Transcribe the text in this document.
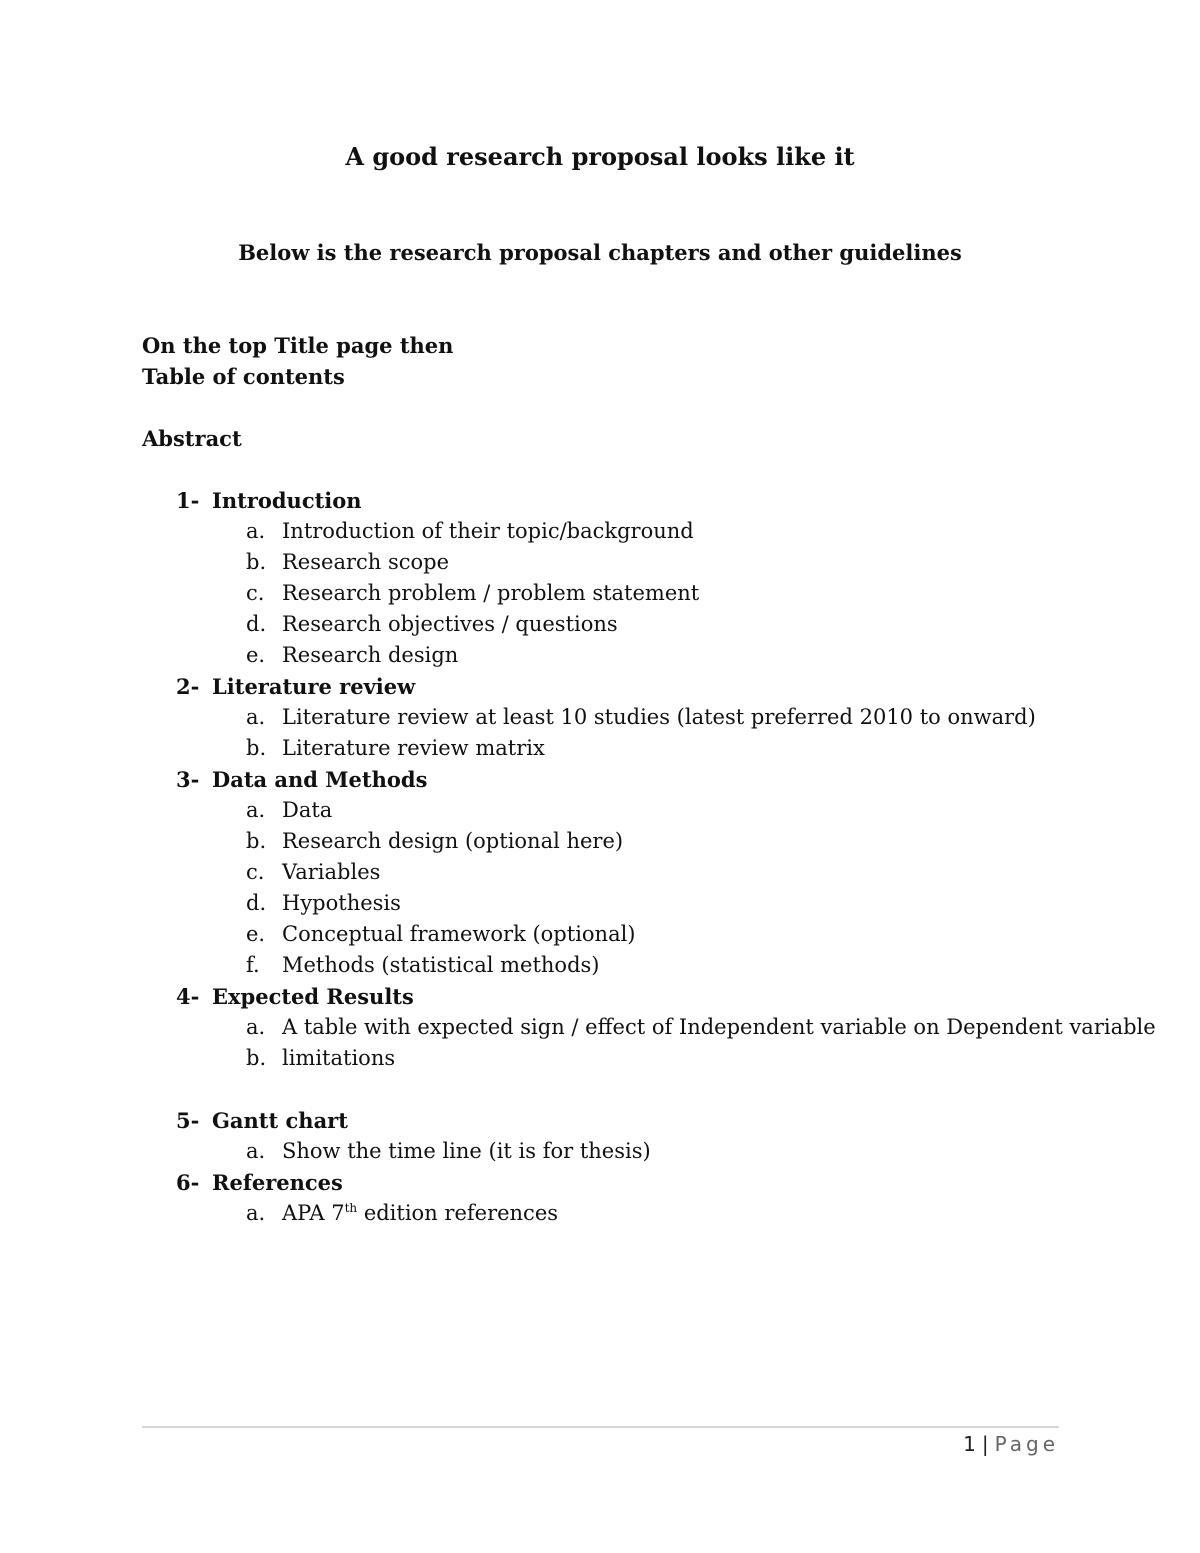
A good research proposal looks like it
Below is the research proposal chapters and other guidelines
On the top Title page then
Table of contents
Abstract
1- Introduction
a. Introduction of their topic/background
b. Research scope
c. Research problem / problem statement
d. Research objectives / questions
e. Research design
2- Literature review
a. Literature review at least 10 studies (latest preferred 2010 to onward)
b. Literature review matrix
3- Data and Methods
a. Data
b. Research design (optional here)
c. Variables
d. Hypothesis
e. Conceptual framework (optional)
f.	Methods (statistical methods)
4- Expected Results
a. A table with expected sign / effect of Independent variable on Dependent variable
b. limitations
5- Gantt chart
a. Show the time line (it is for thesis)
6- References
a. APA 7th edition references
1 | Page
